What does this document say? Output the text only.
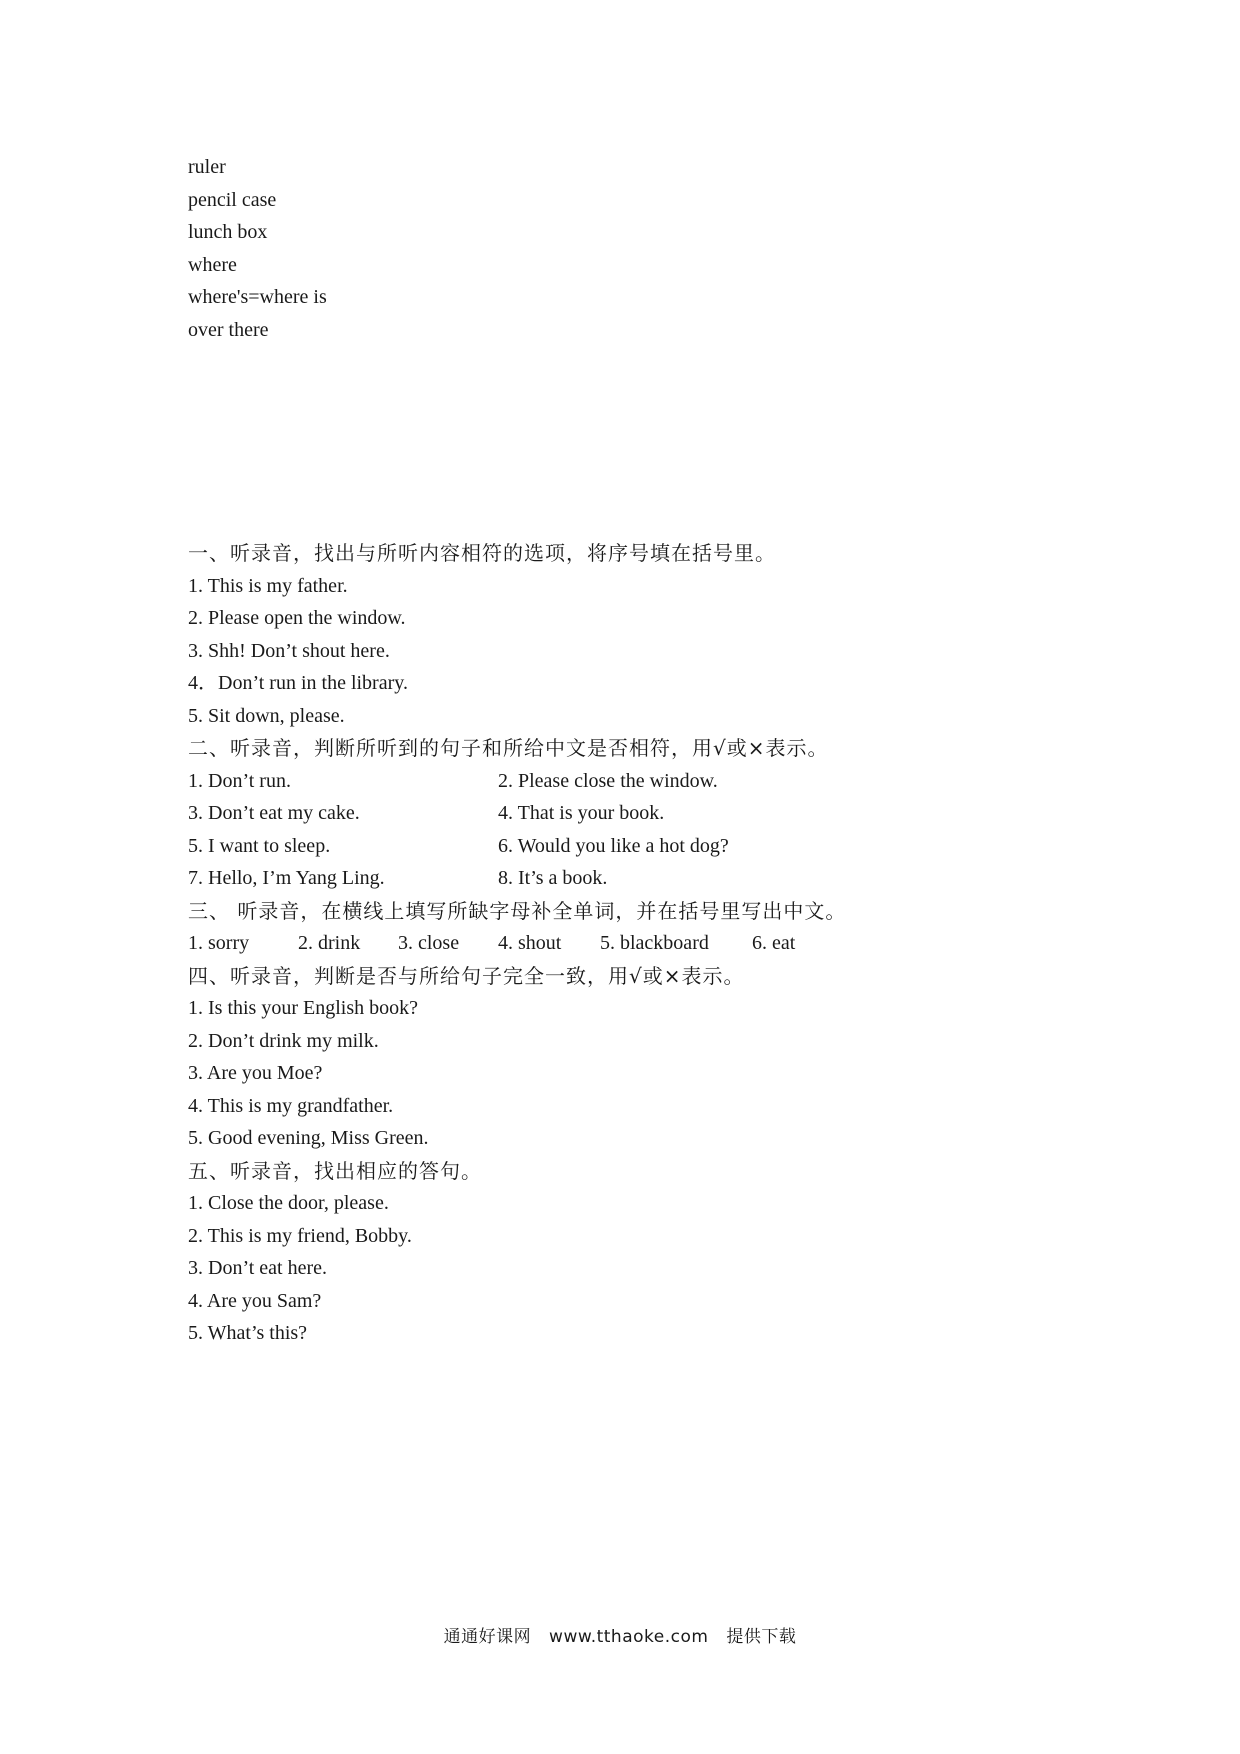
ruler
pencil case
lunch box
where
where's=where is
over there
一、听录音，找出与所听内容相符的选项，将序号填在括号里。
1. This is my father.
2. Please open the window.
3. Shh! Don’t shout here.
4．Don’t run in the library.
5. Sit down, please.
二、听录音，判断所听到的句子和所给中文是否相符，用√或×表示。
1. Don’t run.	2. Please close the window.
3. Don’t eat my cake.	4. That is your book.
5. I want to sleep.	6. Would you like a hot dog?
7. Hello, I’m Yang Ling.	8. It’s a book.
三、 听录音，在横线上填写所缺字母补全单词，并在括号里写出中文。
1. sorry 2. drink 3. close 4. shout 5. blackboard 6. eat
四、听录音，判断是否与所给句子完全一致，用√或×表示。
1. Is this your English book?
2. Don’t drink my milk.
3. Are you Moe?
4. This is my grandfather.
5. Good evening, Miss Green.
五、听录音，找出相应的答句。
1. Close the door, please.
2. This is my friend, Bobby.
3. Don’t eat here.
4. Are you Sam?
5. What’s this?
通通好课网 www.tthaoke.com 提供下载
